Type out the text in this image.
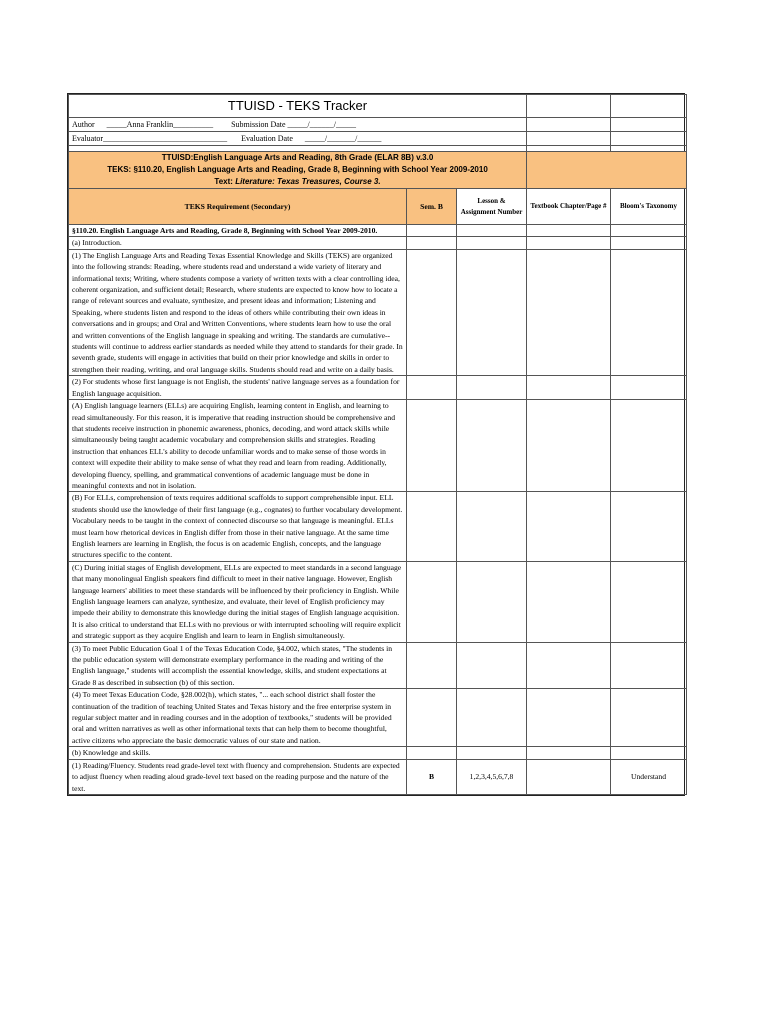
TTUISD - TEKS Tracker				
Author _____Anna Franklin__________ Submission Date _____/______/_____				
Evaluator_______________________________ Evaluation Date _____/_______/______				

TTUISD:English Language Arts and Reading, 8th Grade (ELAR 8B) v.3.0
TEKS: §110.20, English Language Arts and Reading, Grade 8, Beginning with School Year 2009-2010
Text: Literature: Texas Treasures, Course 3.				

TEKS Requirement (Secondary)	Sem. B	Lesson & Assignment Number	Textbook Chapter/Page #	Bloom's Taxonomy
§110.20. English Language Arts and Reading, Grade 8, Beginning with School Year 2009-2010.				
(a) Introduction.				
(1) The English Language Arts and Reading Texas Essential Knowledge and Skills (TEKS) are organized into the following strands: Reading, where students read and understand a wide variety of literary and informational texts; Writing, where students compose a variety of written texts with a clear controlling idea, coherent organization, and sufficient detail; Research, where students are expected to know how to locate a range of relevant sources and evaluate, synthesize, and present ideas and information; Listening and Speaking, where students listen and respond to the ideas of others while contributing their own ideas in conversations and in groups; and Oral and Written Conventions, where students learn how to use the oral and written conventions of the English language in speaking and writing. The standards are cumulative--students will continue to address earlier standards as needed while they attend to standards for their grade. In seventh grade, students will engage in activities that build on their prior knowledge and skills in order to strengthen their reading, writing, and oral language skills. Students should read and write on a daily basis.				
(2) For students whose first language is not English, the students' native language serves as a foundation for English language acquisition.				
(A) English language learners (ELLs) are acquiring English, learning content in English, and learning to read simultaneously. For this reason, it is imperative that reading instruction should be comprehensive and that students receive instruction in phonemic awareness, phonics, decoding, and word attack skills while simultaneously being taught academic vocabulary and comprehension skills and strategies. Reading instruction that enhances ELL's ability to decode unfamiliar words and to make sense of those words in context will expedite their ability to make sense of what they read and learn from reading. Additionally, developing fluency, spelling, and grammatical conventions of academic language must be done in meaningful contexts and not in isolation.				
(B) For ELLs, comprehension of texts requires additional scaffolds to support comprehensible input. ELL students should use the knowledge of their first language (e.g., cognates) to further vocabulary development. Vocabulary needs to be taught in the context of connected discourse so that language is meaningful. ELLs must learn how rhetorical devices in English differ from those in their native language. At the same time English learners are learning in English, the focus is on academic English, concepts, and the language structures specific to the content.				
(C) During initial stages of English development, ELLs are expected to meet standards in a second language that many monolingual English speakers find difficult to meet in their native language. However, English language learners' abilities to meet these standards will be influenced by their proficiency in English. While English language learners can analyze, synthesize, and evaluate, their level of English proficiency may impede their ability to demonstrate this knowledge during the initial stages of English language acquisition. It is also critical to understand that ELLs with no previous or with interrupted schooling will require explicit and strategic support as they acquire English and learn to learn in English simultaneously.				
(3) To meet Public Education Goal 1 of the Texas Education Code, §4.002, which states, "The students in the public education system will demonstrate exemplary performance in the reading and writing of the English language," students will accomplish the essential knowledge, skills, and student expectations at Grade 8 as described in subsection (b) of this section.				
(4) To meet Texas Education Code, §28.002(h), which states, "... each school district shall foster the continuation of the tradition of teaching United States and Texas history and the free enterprise system in regular subject matter and in reading courses and in the adoption of textbooks," students will be provided oral and written narratives as well as other informational texts that can help them to become thoughtful, active citizens who appreciate the basic democratic values of our state and nation.				
(b) Knowledge and skills.				
(1) Reading/Fluency. Students read grade-level text with fluency and comprehension. Students are expected to adjust fluency when reading aloud grade-level text based on the reading purpose and the nature of the text.	B	1,2,3,4,5,6,7,8		Understand
